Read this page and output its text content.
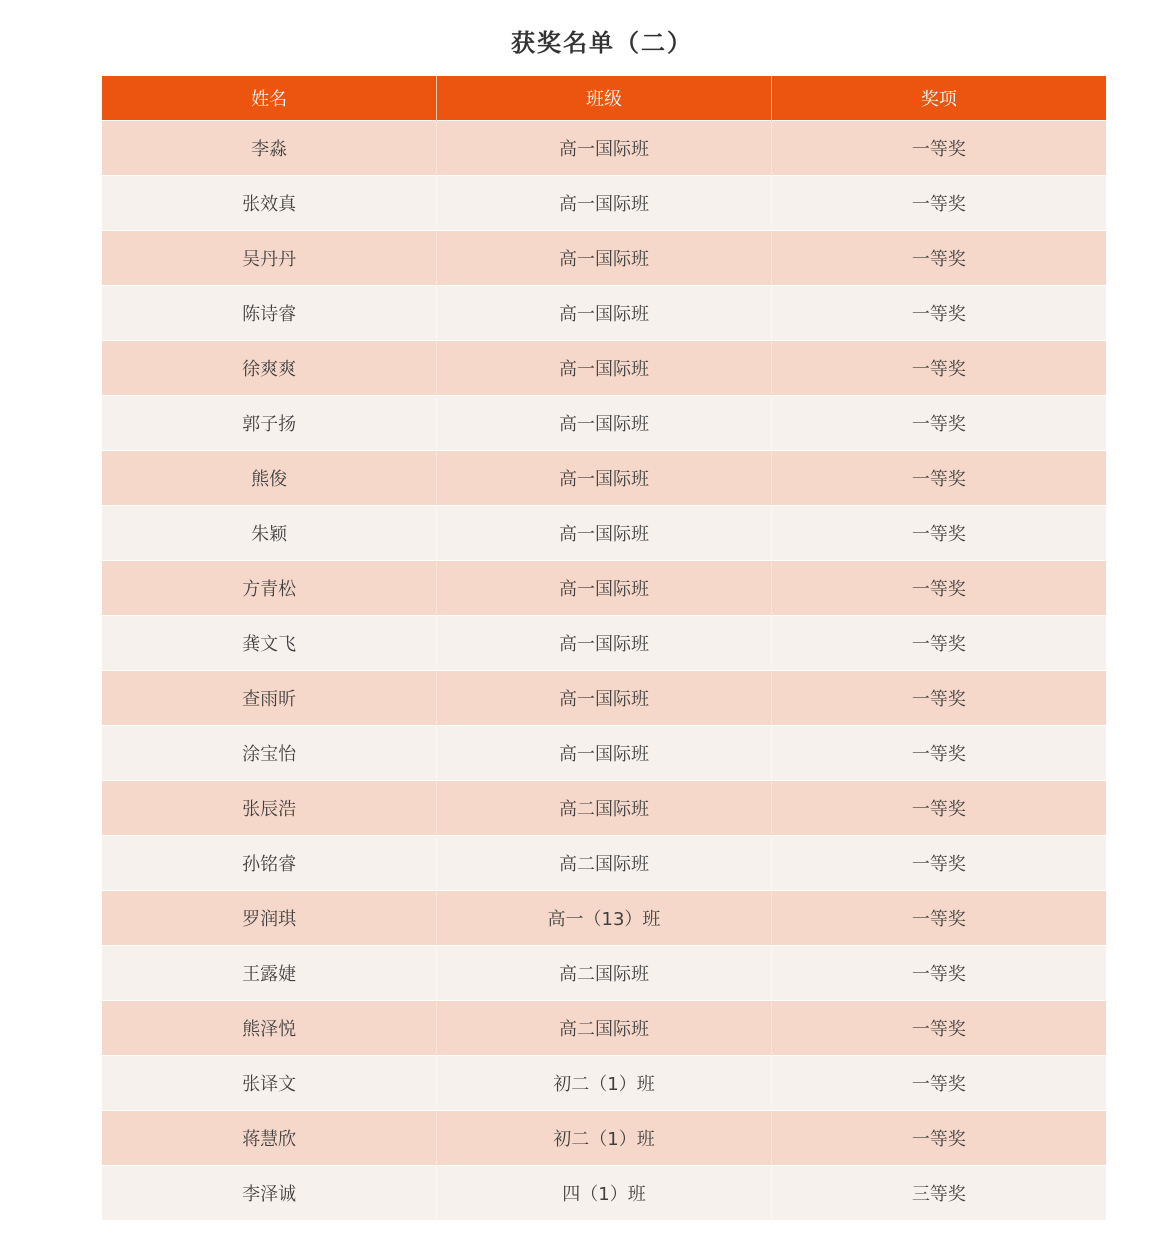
获奖名单（二）
姓名	班级	奖项
李淼	高一国际班	一等奖
张效真	高一国际班	一等奖
吴丹丹	高一国际班	一等奖
陈诗睿	高一国际班	一等奖
徐爽爽	高一国际班	一等奖
郭子扬	高一国际班	一等奖
熊俊	高一国际班	一等奖
朱颖	高一国际班	一等奖
方青松	高一国际班	一等奖
龚文飞	高一国际班	一等奖
查雨昕	高一国际班	一等奖
涂宝怡	高一国际班	一等奖
张辰浩	高二国际班	一等奖
孙铭睿	高二国际班	一等奖
罗润琪	高一（13）班	一等奖
王露婕	高二国际班	一等奖
熊泽悦	高二国际班	一等奖
张译文	初二（1）班	一等奖
蒋慧欣	初二（1）班	一等奖
李泽诚	四（1）班	三等奖
